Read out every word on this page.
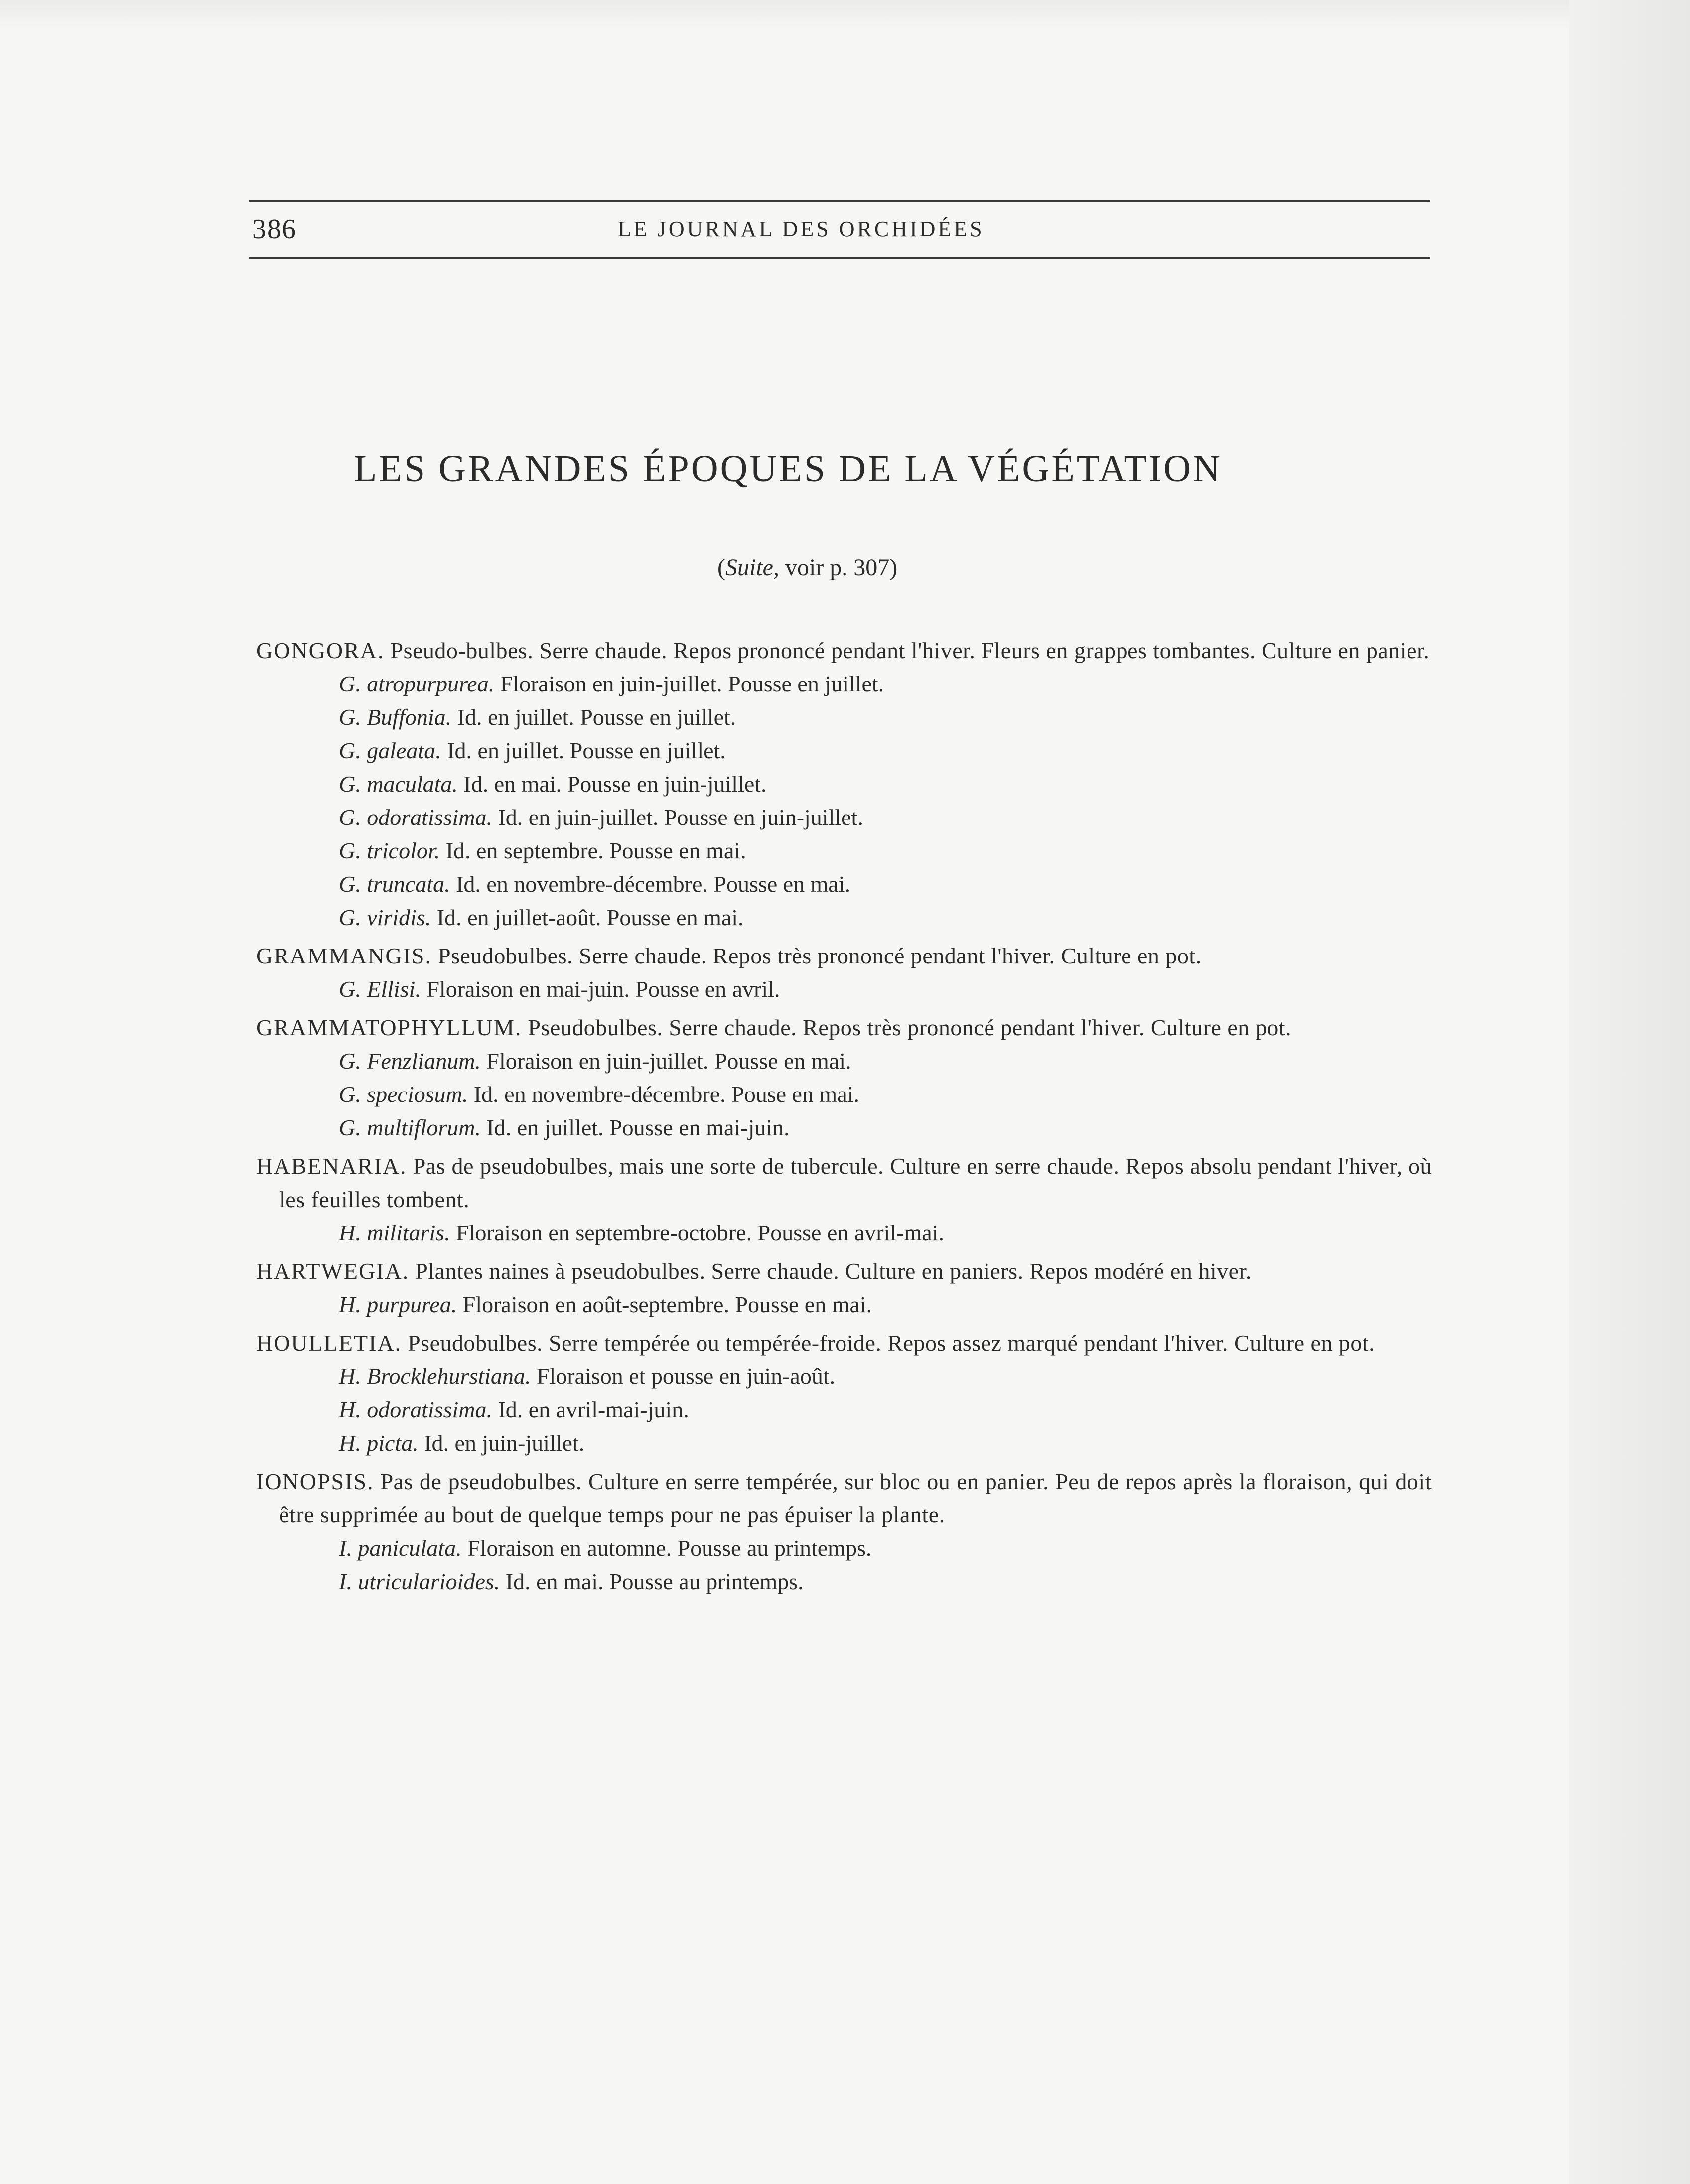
386	LE JOURNAL DES ORCHIDÉES
LES GRANDES ÉPOQUES DE LA VÉGÉTATION
(Suite, voir p. 307)

GONGORA. Pseudo-bulbes. Serre chaude. Repos prononcé pendant l'hiver. Fleurs en grappes tombantes. Culture en panier.

G. atropurpurea. Floraison en juin-juillet. Pousse en juillet.

G. Buffonia. Id. en juillet. Pousse en juillet.

G. galeata. Id. en juillet. Pousse en juillet.

G. maculata. Id. en mai. Pousse en juin-juillet.

G. odoratissima. Id. en juin-juillet. Pousse en juin-juillet.

G. tricolor. Id. en septembre. Pousse en mai.

G. truncata. Id. en novembre-décembre. Pousse en mai.

G. viridis. Id. en juillet-août. Pousse en mai.

GRAMMANGIS. Pseudobulbes. Serre chaude. Repos très prononcé pendant l'hiver. Culture en pot.

G. Ellisi. Floraison en mai-juin. Pousse en avril.

GRAMMATOPHYLLUM. Pseudobulbes. Serre chaude. Repos très prononcé pendant l'hiver. Culture en pot.

G. Fenzlianum. Floraison en juin-juillet. Pousse en mai.

G. speciosum. Id. en novembre-décembre. Pouse en mai.

G. multiflorum. Id. en juillet. Pousse en mai-juin.

HABENARIA. Pas de pseudobulbes, mais une sorte de tubercule. Culture en serre chaude. Repos absolu pendant l'hiver, où les feuilles tombent.

H. militaris. Floraison en septembre-octobre. Pousse en avril-mai.

HARTWEGIA. Plantes naines à pseudobulbes. Serre chaude. Culture en paniers. Repos modéré en hiver.

H. purpurea. Floraison en août-septembre. Pousse en mai.

HOULLETIA. Pseudobulbes. Serre tempérée ou tempérée-froide. Repos assez marqué pendant l'hiver. Culture en pot.

H. Brocklehurstiana. Floraison et pousse en juin-août.

H. odoratissima. Id. en avril-mai-juin.

H. picta. Id. en juin-juillet.

IONOPSIS. Pas de pseudobulbes. Culture en serre tempérée, sur bloc ou en panier. Peu de repos après la floraison, qui doit être supprimée au bout de quelque temps pour ne pas épuiser la plante.

I. paniculata. Floraison en automne. Pousse au printemps.

I. utricularioides. Id. en mai. Pousse au printemps.
